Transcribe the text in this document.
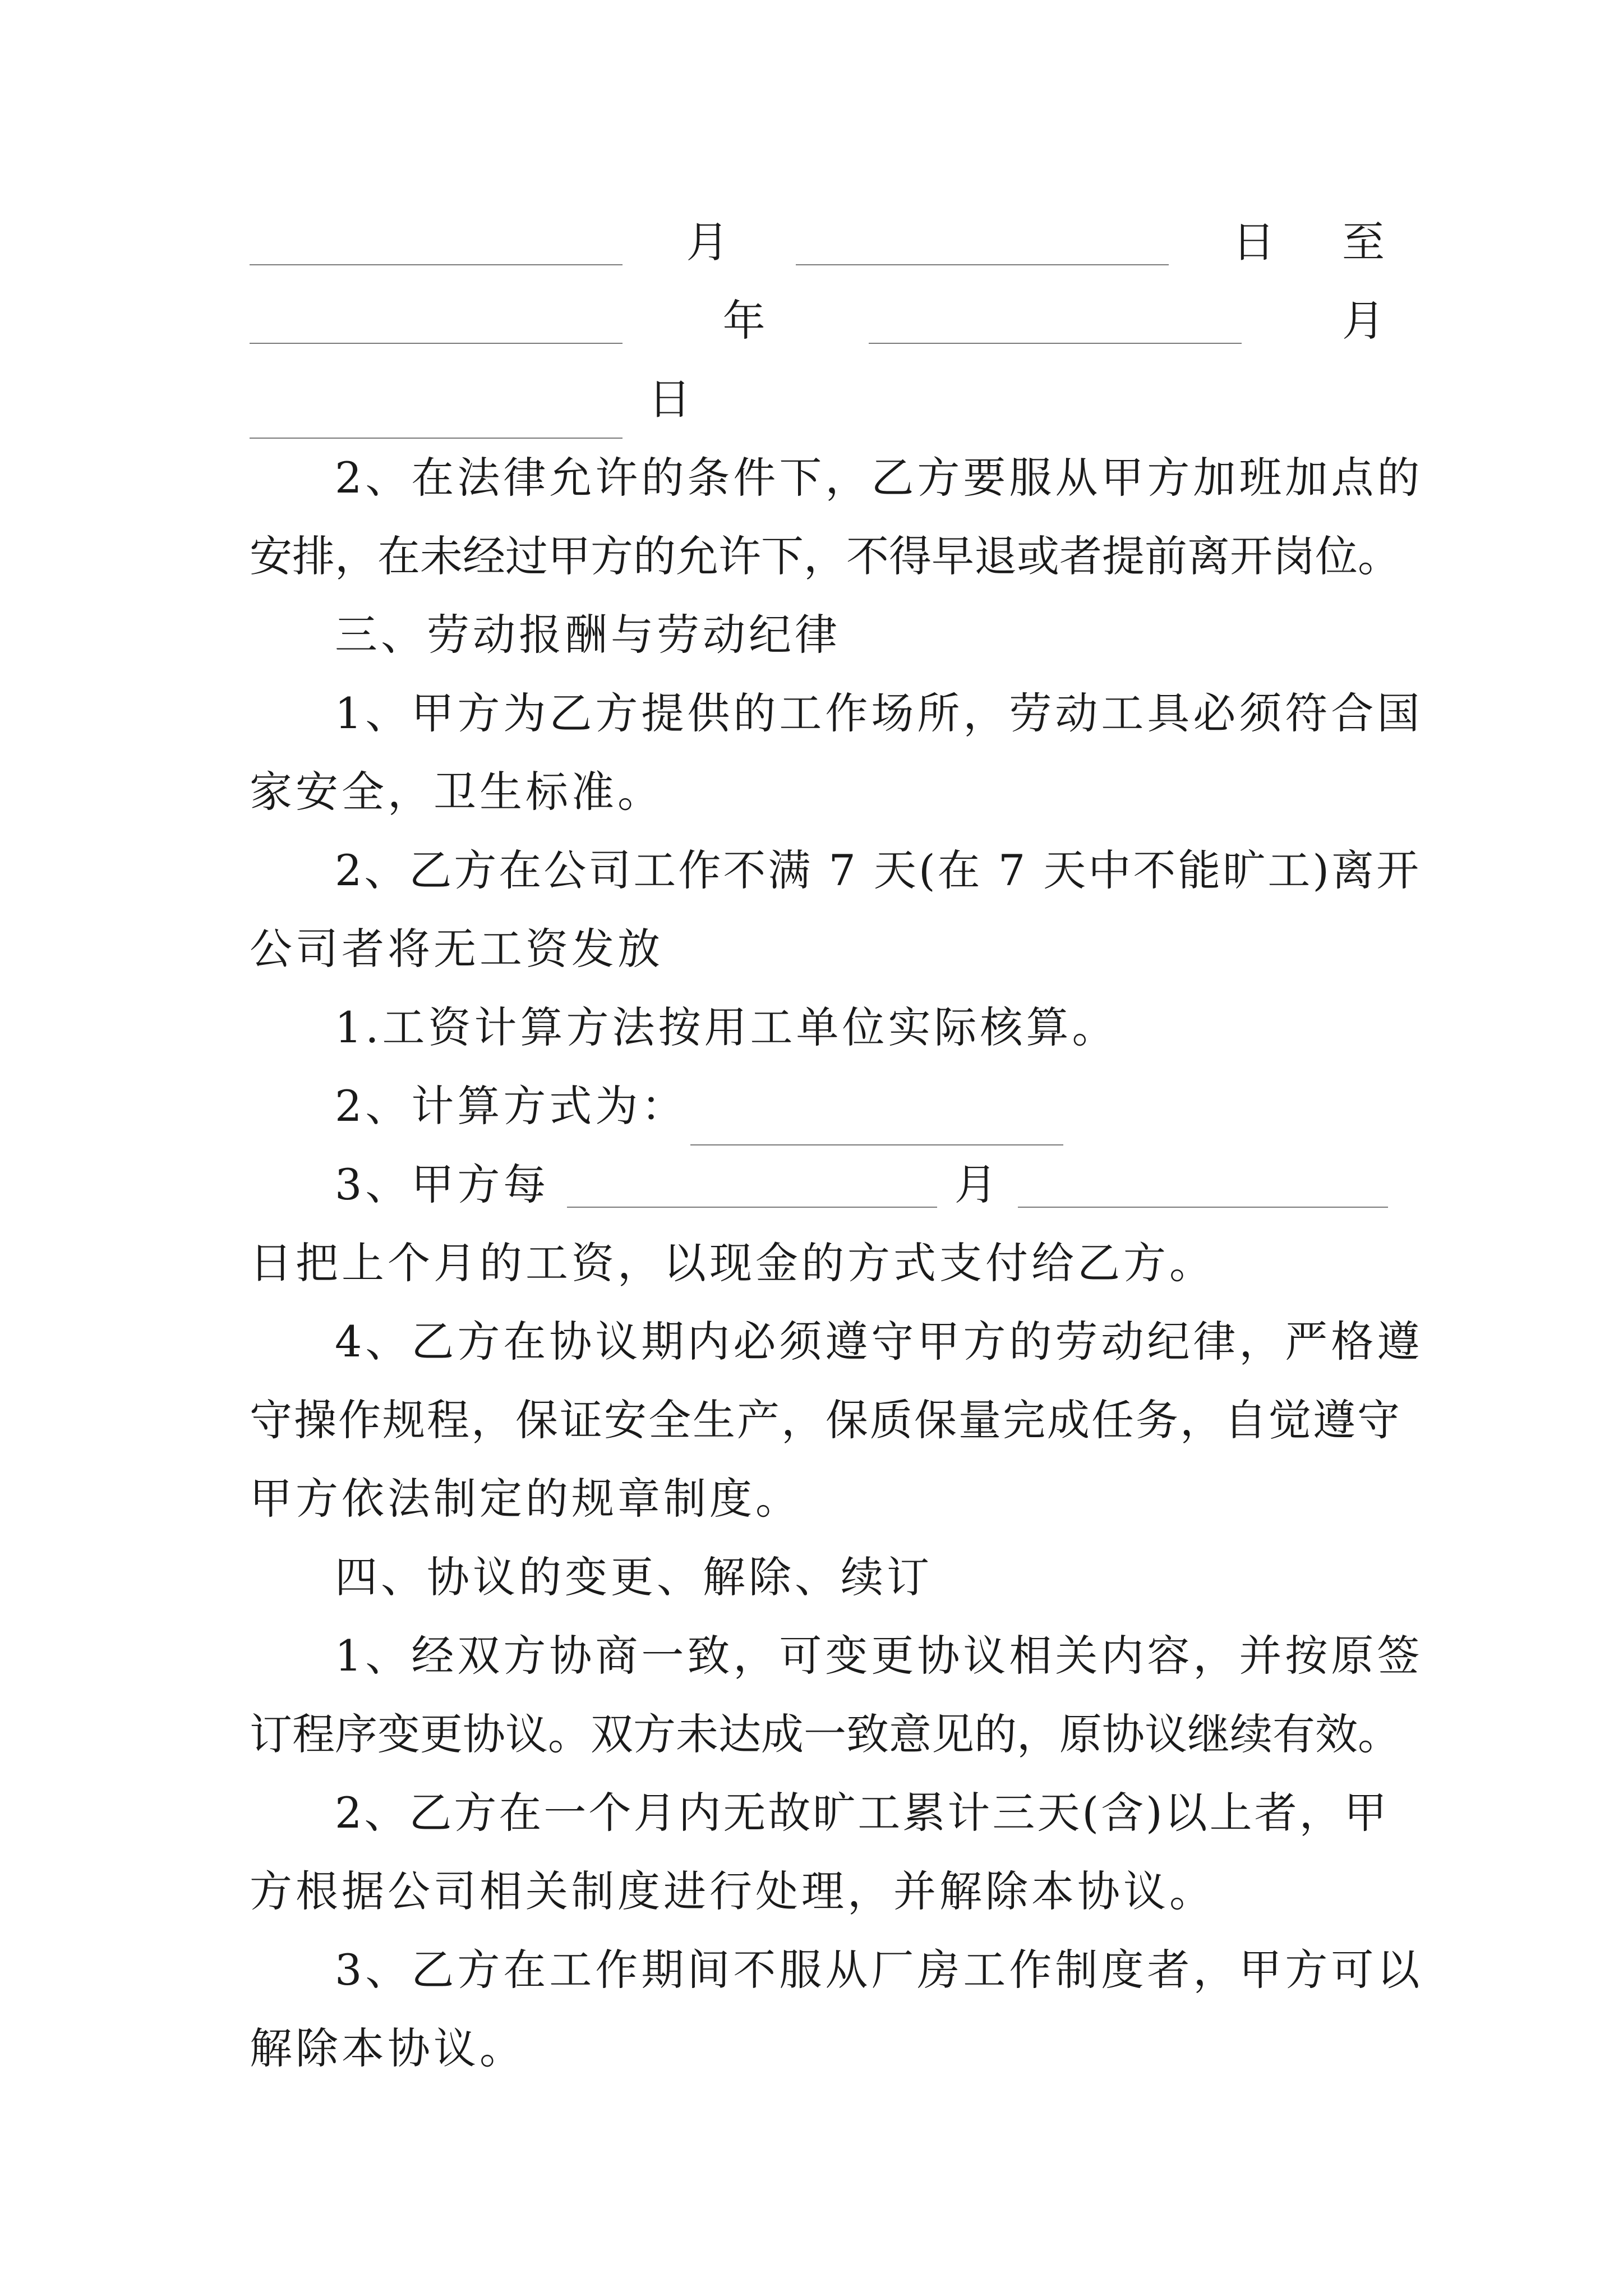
月	日 至
年	月
日
2、在法律允许的条件下，乙方要服从甲方加班加点的
安排，在未经过甲方的允许下，不得早退或者提前离开岗位。
三、劳动报酬与劳动纪律
1、甲方为乙方提供的工作场所，劳动工具必须符合国
家安全，卫生标准。
2、乙方在公司工作不满 7 天(在 7 天中不能旷工)离开
公司者将无工资发放
1.工资计算方法按用工单位实际核算。
2、计算方式为：
3、甲方每	月
日把上个月的工资，以现金的方式支付给乙方。
4、乙方在协议期内必须遵守甲方的劳动纪律，严格遵
守操作规程，保证安全生产，保质保量完成任务，自觉遵守
甲方依法制定的规章制度。
四、协议的变更、解除、续订
1、经双方协商一致，可变更协议相关内容，并按原签
订程序变更协议。双方未达成一致意见的，原协议继续有效。
2、乙方在一个月内无故旷工累计三天(含)以上者，甲
方根据公司相关制度进行处理，并解除本协议。
3、乙方在工作期间不服从厂房工作制度者，甲方可以
解除本协议。
